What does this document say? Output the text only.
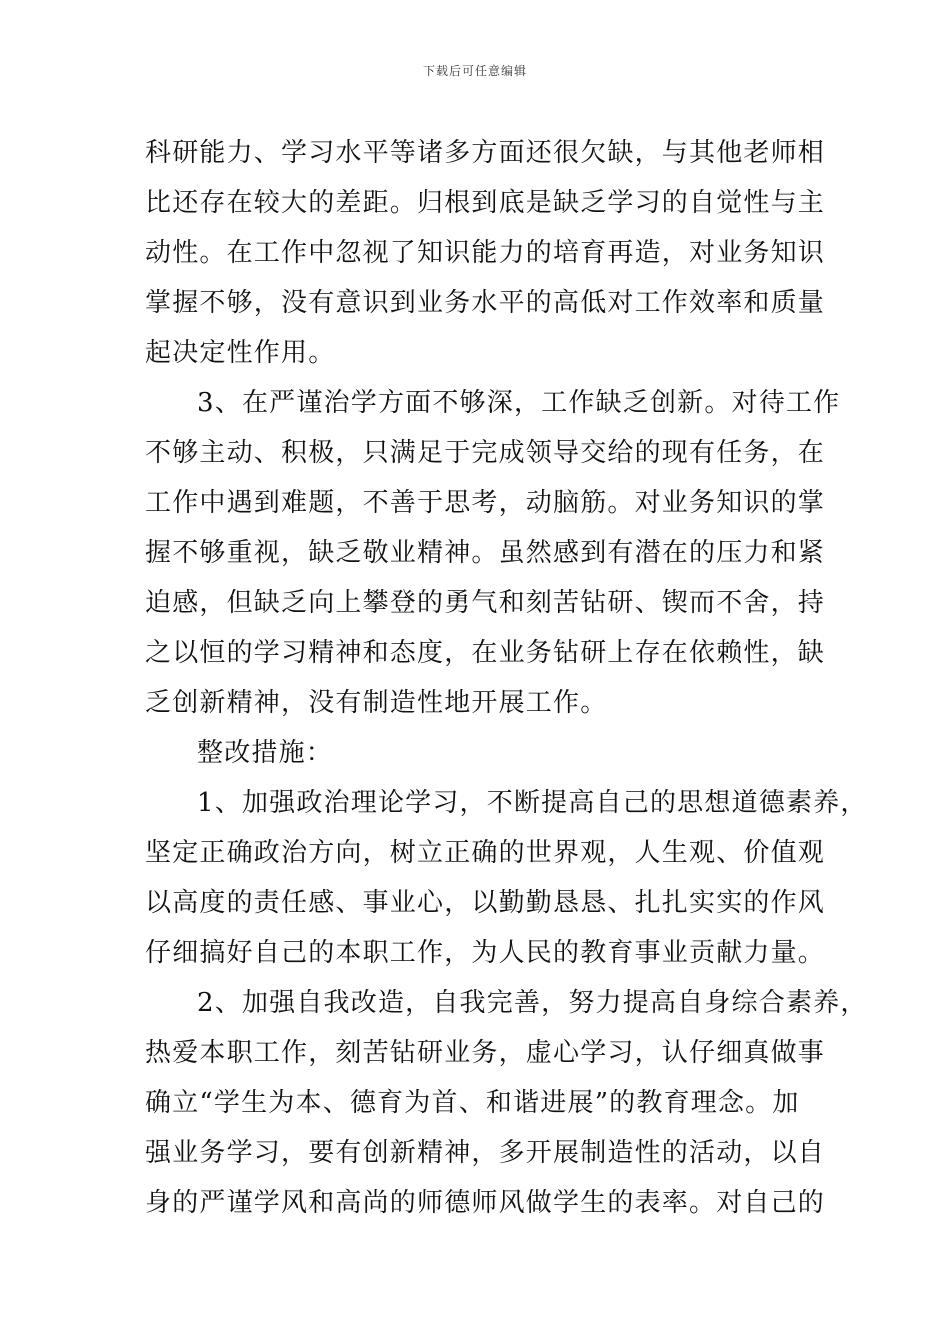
下载后可任意编辑
科研能力、学习水平等诸多方面还很欠缺，与其他老师相
比还存在较大的差距。归根到底是缺乏学习的自觉性与主
动性。在工作中忽视了知识能力的培育再造，对业务知识
掌握不够，没有意识到业务水平的高低对工作效率和质量
起决定性作用。
3、在严谨治学方面不够深，工作缺乏创新。对待工作
不够主动、积极，只满足于完成领导交给的现有任务，在
工作中遇到难题，不善于思考，动脑筋。对业务知识的掌
握不够重视，缺乏敬业精神。虽然感到有潜在的压力和紧
迫感，但缺乏向上攀登的勇气和刻苦钻研、锲而不舍，持
之以恒的学习精神和态度，在业务钻研上存在依赖性，缺
乏创新精神，没有制造性地开展工作。
整改措施：
1、加强政治理论学习，不断提高自己的思想道德素养，
坚定正确政治方向，树立正确的世界观，人生观、价值观
以高度的责任感、事业心，以勤勤恳恳、扎扎实实的作风
仔细搞好自己的本职工作，为人民的教育事业贡献力量。
2、加强自我改造，自我完善，努力提高自身综合素养，
热爱本职工作，刻苦钻研业务，虚心学习，认仔细真做事
确立“学生为本、德育为首、和谐进展”的教育理念。加
强业务学习，要有创新精神，多开展制造性的活动，以自
身的严谨学风和高尚的师德师风做学生的表率。对自己的
